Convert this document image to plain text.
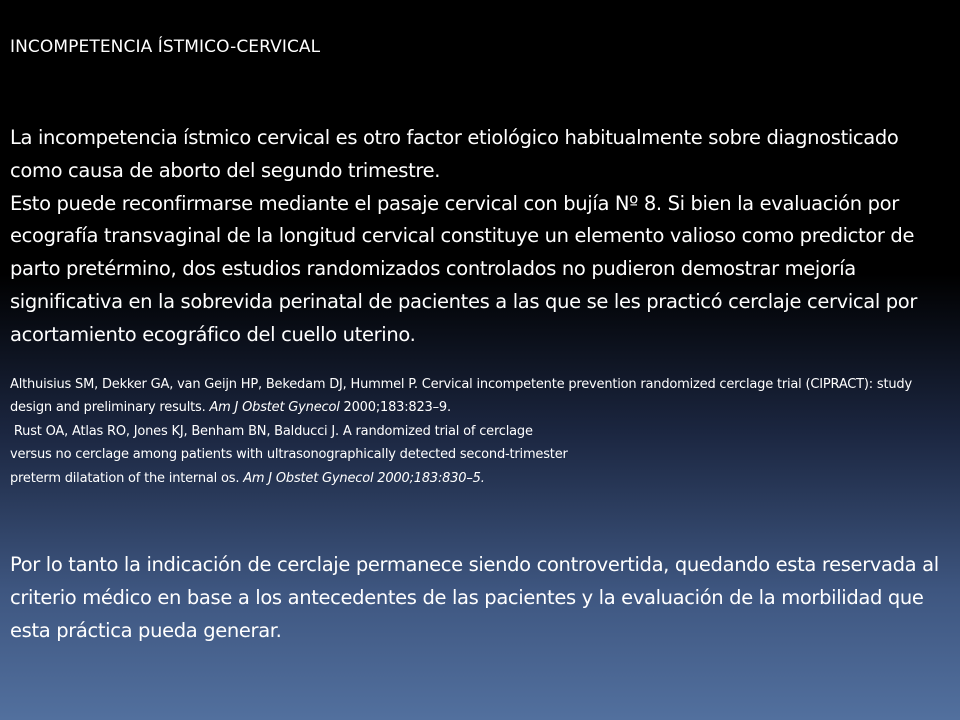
INCOMPETENCIA ÍSTMICO-CERVICAL

La incompetencia ístmico cervical es otro factor etiológico habitualmente sobre diagnosticado como causa de aborto del segundo trimestre.

Esto puede reconfirmarse mediante el pasaje cervical con bujía Nº 8. Si bien la evaluación por ecografía transvaginal de la longitud cervical constituye un elemento valioso como predictor de parto pretérmino, dos estudios randomizados controlados no pudieron demostrar mejoría significativa en la sobrevida perinatal de pacientes a las que se les practicó cerclaje cervical por acortamiento ecográfico del cuello uterino.

Althuisius SM, Dekker GA, van Geijn HP, Bekedam DJ, Hummel P. Cervical incompetente prevention randomized cerclage trial (CIPRACT): study design and preliminary results. Am J Obstet Gynecol 2000;183:823–9.

Rust OA, Atlas RO, Jones KJ, Benham BN, Balducci J. A randomized trial of cerclage

versus no cerclage among patients with ultrasonographically detected second-trimester

preterm dilatation of the internal os. Am J Obstet Gynecol 2000;183:830–5.

Por lo tanto la indicación de cerclaje permanece siendo controvertida, quedando esta reservada al criterio médico en base a los antecedentes de las pacientes y la evaluación de la morbilidad que esta práctica pueda generar.
